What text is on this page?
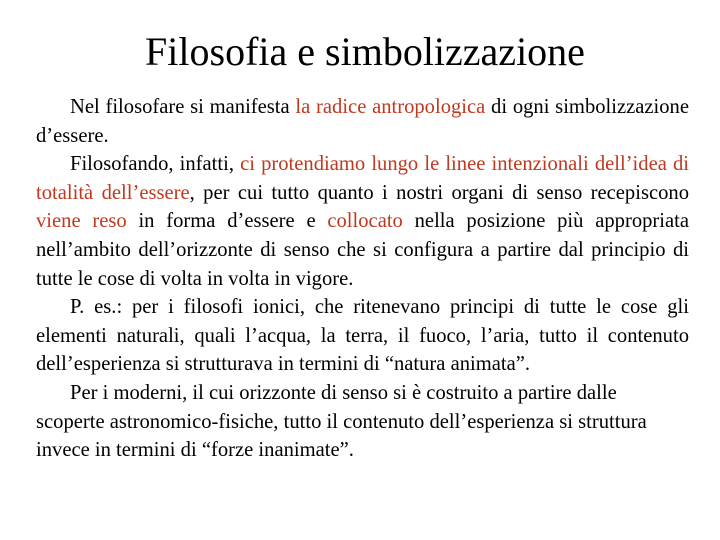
Filosofia e simbolizzazione

Nel filosofare si manifesta la radice antropologica di ogni simbolizzazione d’essere.

Filosofando, infatti, ci protendiamo lungo le linee intenzionali dell’idea di totalità dell’essere, per cui tutto quanto i nostri organi di senso recepiscono viene reso in forma d’essere e collocato nella posizione più appropriata nell’ambito dell’orizzonte di senso che si configura a partire dal principio di tutte le cose di volta in volta in vigore.

P. es.: per i filosofi ionici, che ritenevano principi di tutte le cose gli elementi naturali, quali l’acqua, la terra, il fuoco, l’aria, tutto il contenuto dell’esperienza si strutturava in termini di “natura animata”.

Per i moderni, il cui orizzonte di senso si è costruito a partire dalle scoperte astronomico-fisiche, tutto il contenuto dell’esperienza si struttura invece in termini di “forze inanimate”.
